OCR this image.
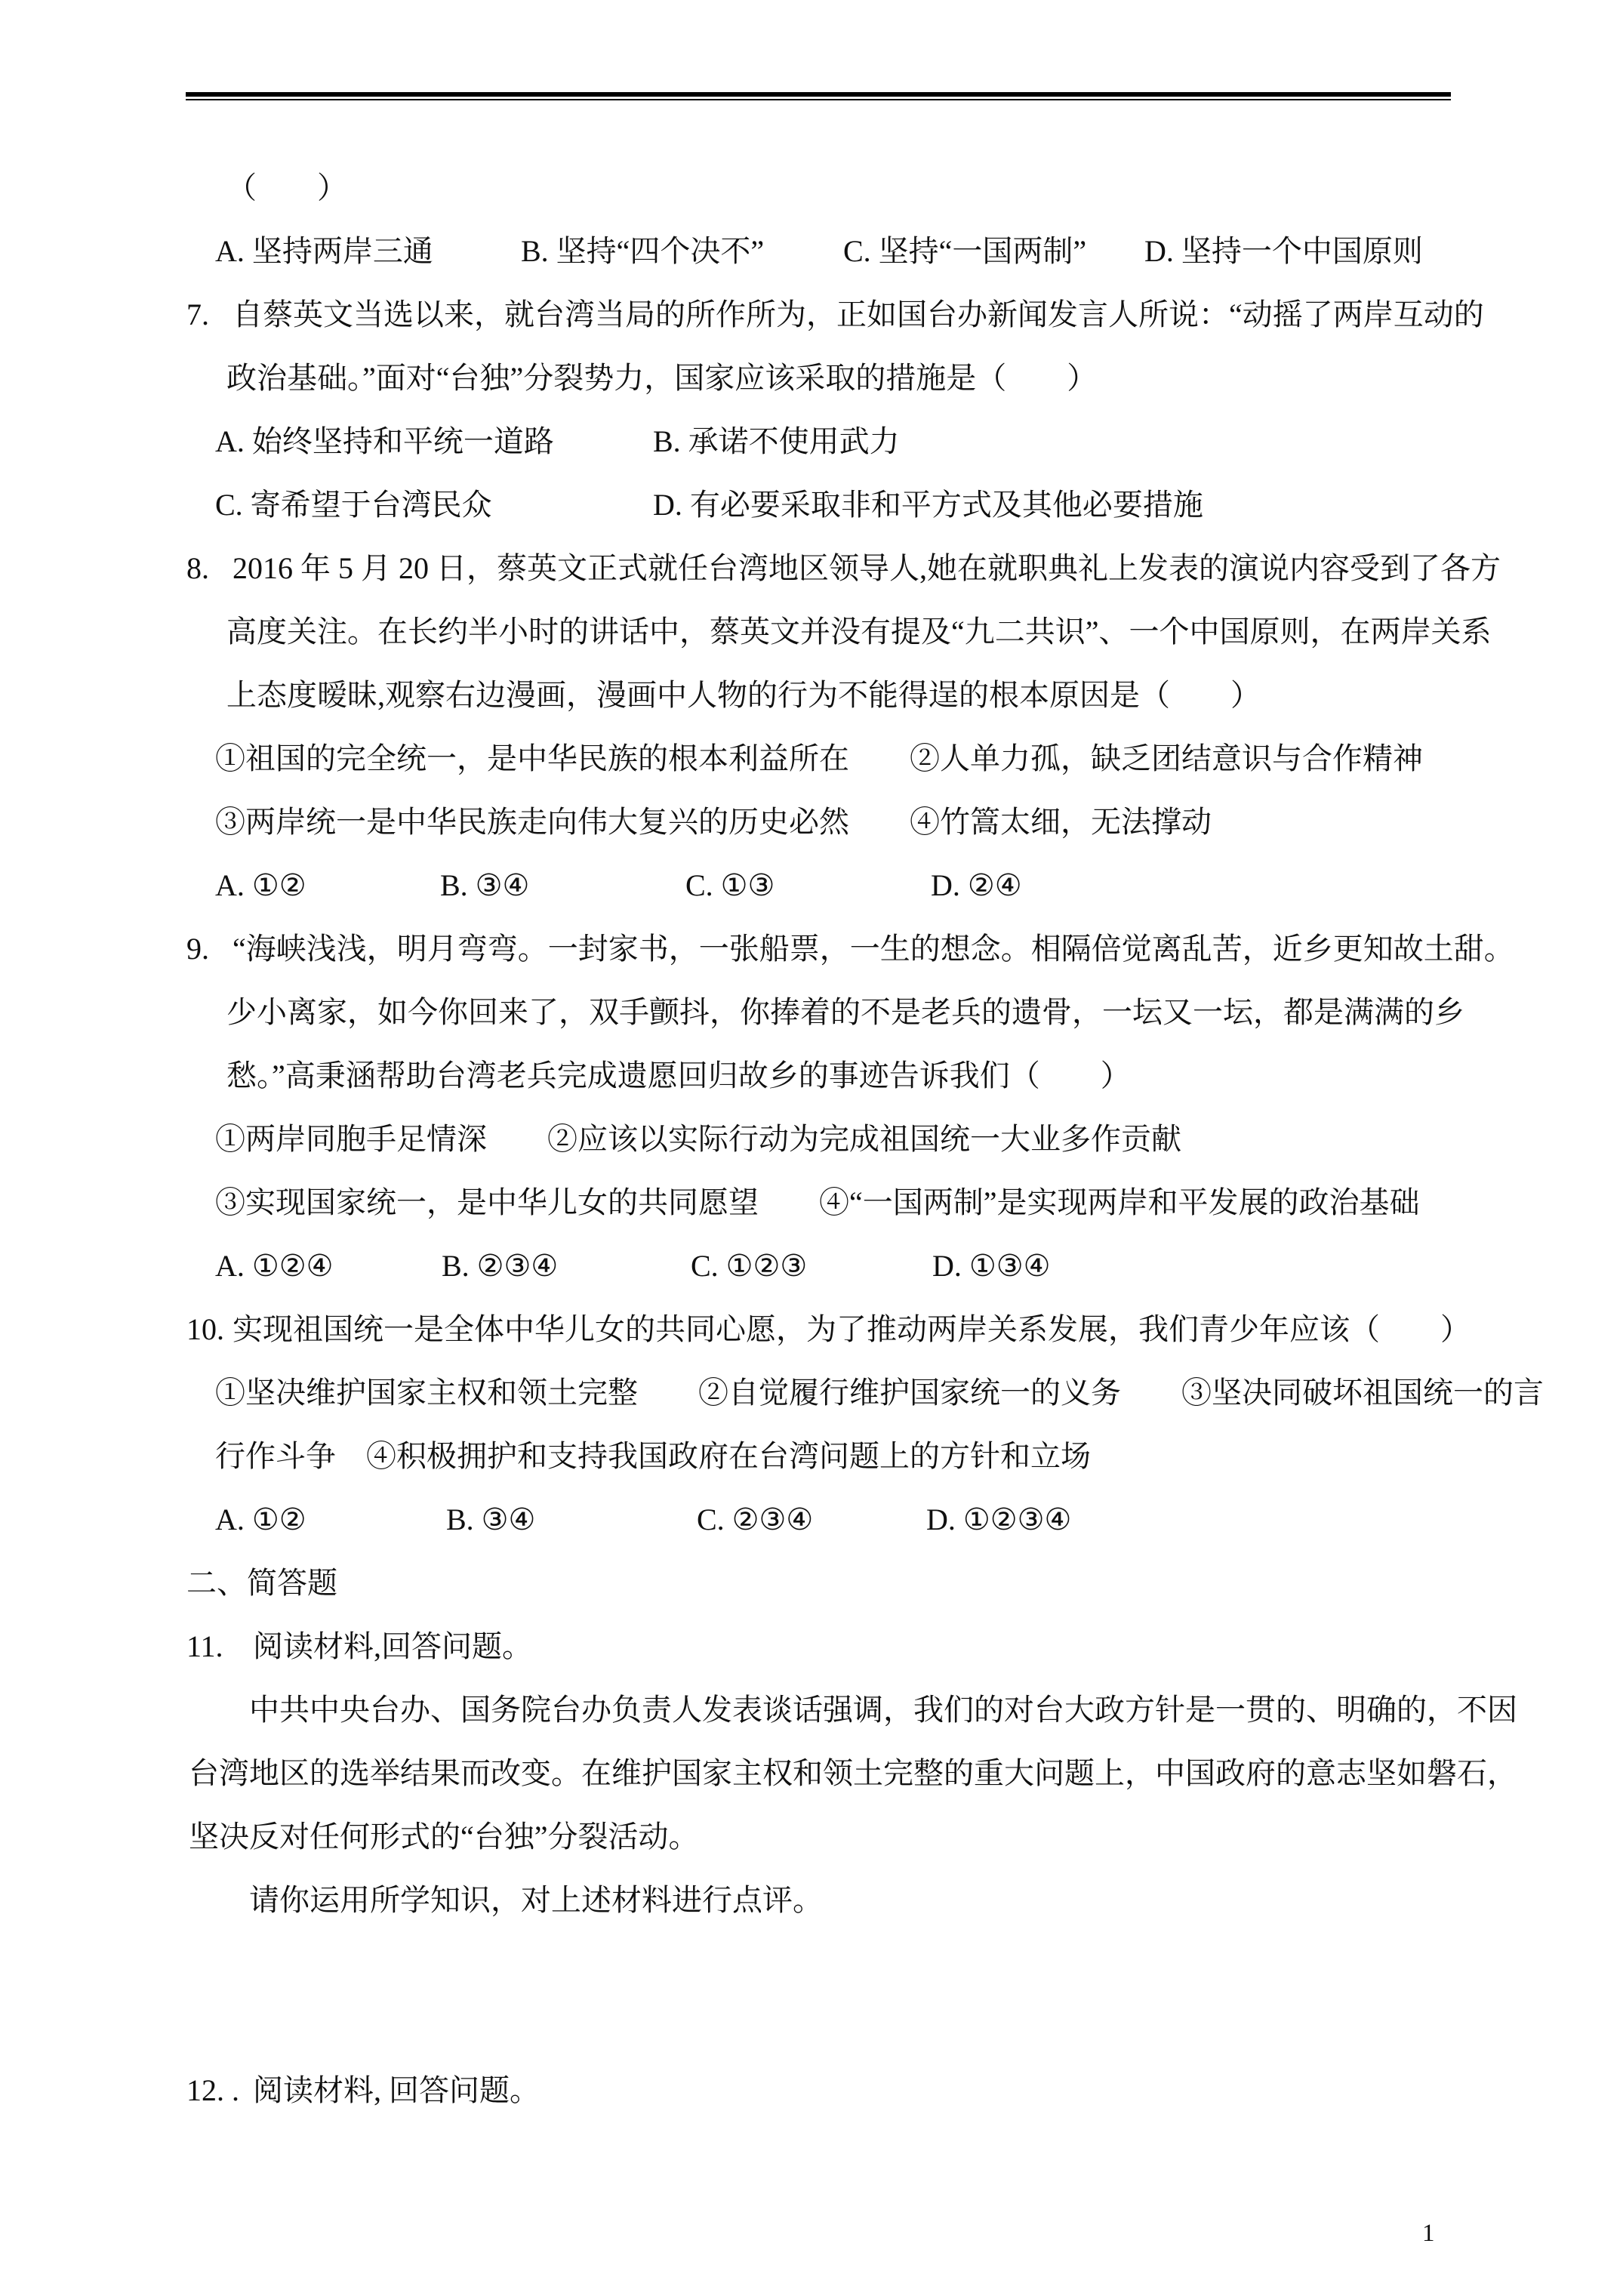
（　　）
A. 坚持两岸三通	B. 坚持“四个决不”	C. 坚持“一国两制”	D. 坚持一个中国原则
7. 自蔡英文当选以来，就台湾当局的所作所为，正如国台办新闻发言人所说：“动摇了两岸互动的
政治基础。”面对“台独”分裂势力，国家应该采取的措施是（　　）
A. 始终坚持和平统一道路	B. 承诺不使用武力
C. 寄希望于台湾民众	D. 有必要采取非和平方式及其他必要措施
8. 2016 年 5 月 20 日，蔡英文正式就任台湾地区领导人,她在就职典礼上发表的演说内容受到了各方
高度关注。在长约半小时的讲话中，蔡英文并没有提及“九二共识”、一个中国原则，在两岸关系
上态度暧昧,观察右边漫画，漫画中人物的行为不能得逞的根本原因是（　　）
①祖国的完全统一，是中华民族的根本利益所在　　②人单力孤，缺乏团结意识与合作精神
③两岸统一是中华民族走向伟大复兴的历史必然　　④竹篙太细，无法撑动
A. ①②	B. ③④	C. ①③	D. ②④
9. “海峡浅浅，明月弯弯。一封家书，一张船票，一生的想念。相隔倍觉离乱苦，近乡更知故土甜。
少小离家，如今你回来了，双手颤抖，你捧着的不是老兵的遗骨，一坛又一坛，都是满满的乡
愁。”高秉涵帮助台湾老兵完成遗愿回归故乡的事迹告诉我们（　　）
①两岸同胞手足情深　　②应该以实际行动为完成祖国统一大业多作贡献
③实现国家统一，是中华儿女的共同愿望　　④“一国两制”是实现两岸和平发展的政治基础
A. ①②④	B. ②③④	C. ①②③	D. ①③④
10. 实现祖国统一是全体中华儿女的共同心愿，为了推动两岸关系发展，我们青少年应该（　　）
①坚决维护国家主权和领土完整　　②自觉履行维护国家统一的义务　　③坚决同破坏祖国统一的言
行作斗争　④积极拥护和支持我国政府在台湾问题上的方针和立场
A. ①②	B. ③④	C. ②③④	D. ①②③④
二、简答题
11. 阅读材料,回答问题。
中共中央台办、国务院台办负责人发表谈话强调，我们的对台大政方针是一贯的、明确的，不因
台湾地区的选举结果而改变。在维护国家主权和领土完整的重大问题上，中国政府的意志坚如磐石，
坚决反对任何形式的“台独”分裂活动。
请你运用所学知识，对上述材料进行点评。
12. . 阅读材料, 回答问题。
1
